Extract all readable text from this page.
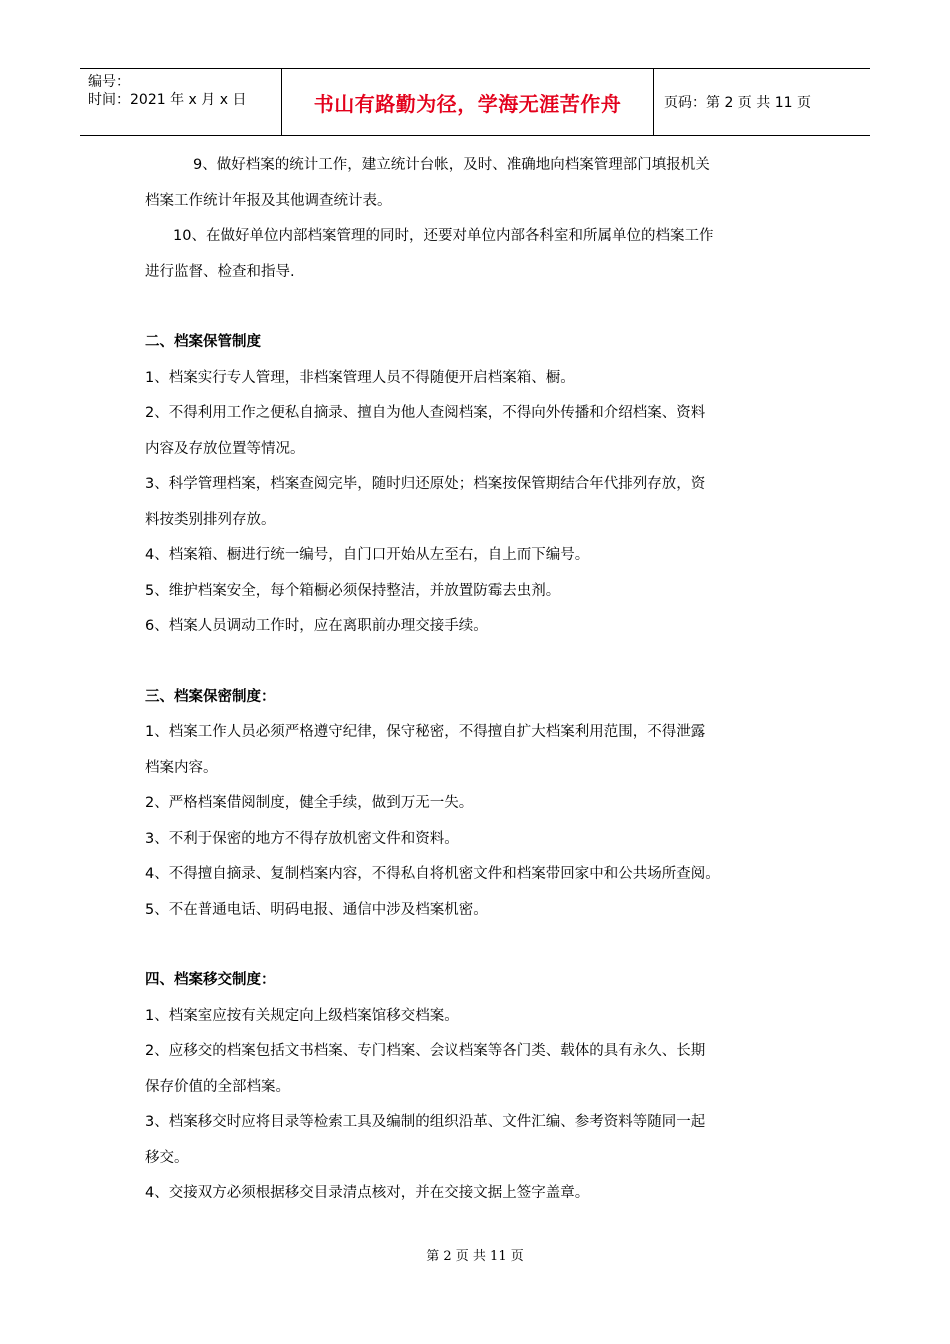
编号：
时间：2021 年 x 月 x 日	书山有路勤为径，学海无涯苦作舟	页码：第 2 页 共 11 页

9、做好档案的统计工作，建立统计台帐，及时、准确地向档案管理部门填报机关

档案工作统计年报及其他调查统计表。

10、在做好单位内部档案管理的同时，还要对单位内部各科室和所属单位的档案工作

进行监督、检查和指导.

二、档案保管制度

1、档案实行专人管理，非档案管理人员不得随便开启档案箱、橱。

2、不得利用工作之便私自摘录、擅自为他人查阅档案，不得向外传播和介绍档案、资料

内容及存放位置等情况。

3、科学管理档案，档案查阅完毕，随时归还原处；档案按保管期结合年代排列存放，资

料按类别排列存放。

4、档案箱、橱进行统一编号，自门口开始从左至右，自上而下编号。

5、维护档案安全，每个箱橱必须保持整洁，并放置防霉去虫剂。

6、档案人员调动工作时，应在离职前办理交接手续。

三、档案保密制度：

1、档案工作人员必须严格遵守纪律，保守秘密，不得擅自扩大档案利用范围，不得泄露

档案内容。

2、严格档案借阅制度，健全手续，做到万无一失。

3、不利于保密的地方不得存放机密文件和资料。

4、不得擅自摘录、复制档案内容，不得私自将机密文件和档案带回家中和公共场所查阅。

5、不在普通电话、明码电报、通信中涉及档案机密。

四、档案移交制度：

1、档案室应按有关规定向上级档案馆移交档案。

2、应移交的档案包括文书档案、专门档案、会议档案等各门类、载体的具有永久、长期

保存价值的全部档案。

3、档案移交时应将目录等检索工具及编制的组织沿革、文件汇编、参考资料等随同一起

移交。

4、交接双方必须根据移交目录清点核对，并在交接文据上签字盖章。

第 2 页 共 11 页
